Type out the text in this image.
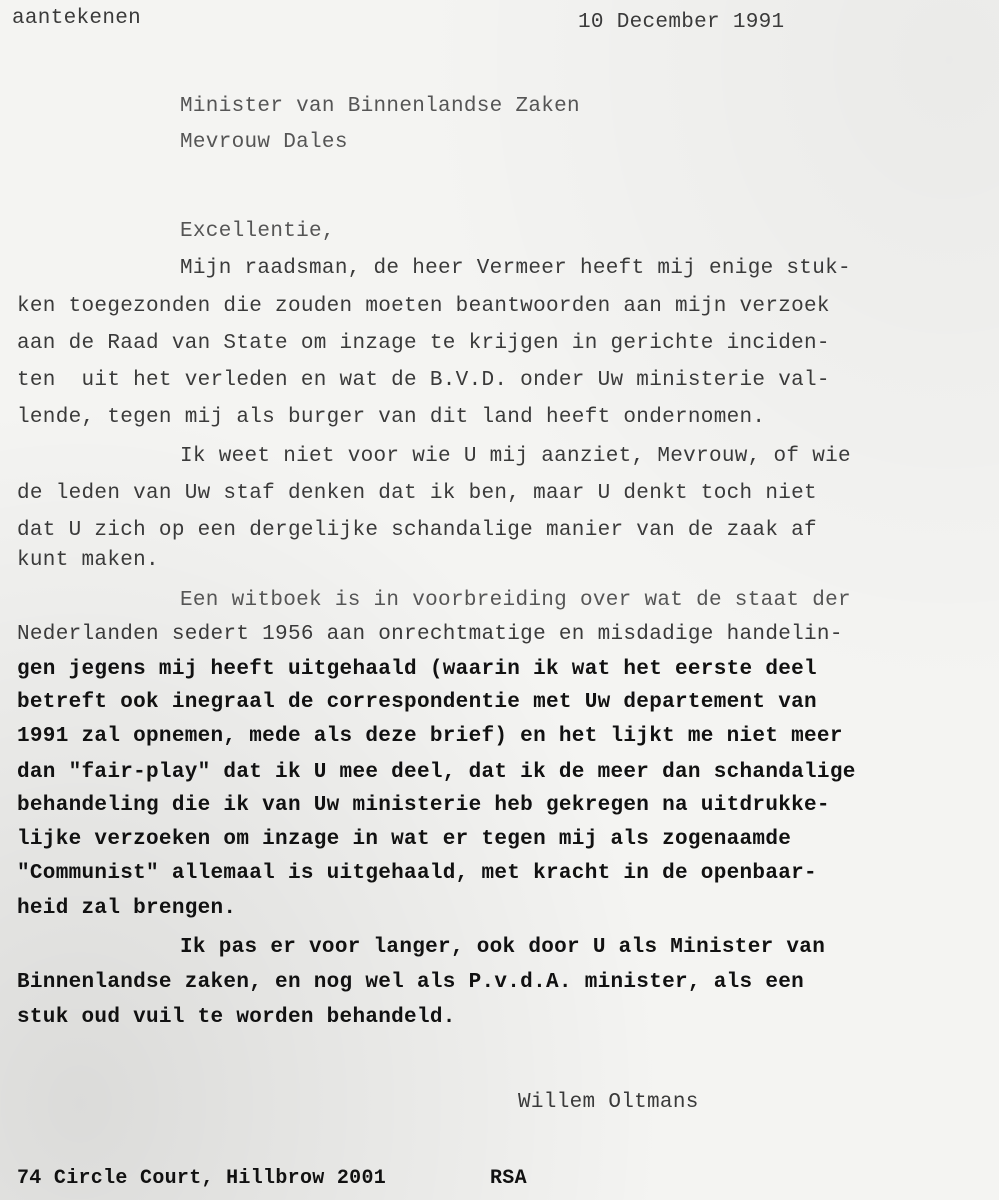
aantekenen	10 December 1991
Minister van Binnenlandse Zaken
Mevrouw Dales
Excellentie,
Mijn raadsman, de heer Vermeer heeft mij enige stuk-
ken toegezonden die zouden moeten beantwoorden aan mijn verzoek
aan de Raad van State om inzage te krijgen in gerichte inciden-
ten  uit het verleden en wat de B.V.D. onder Uw ministerie val-
lende, tegen mij als burger van dit land heeft ondernomen.
Ik weet niet voor wie U mij aanziet, Mevrouw, of wie
de leden van Uw staf denken dat ik ben, maar U denkt toch niet
dat U zich op een dergelijke schandalige manier van de zaak af
kunt maken.
Een witboek is in voorbreiding over wat de staat der
Nederlanden sedert 1956 aan onrechtmatige en misdadige handelin-
gen jegens mij heeft uitgehaald (waarin ik wat het eerste deel
betreft ook inegraal de correspondentie met Uw departement van
1991 zal opnemen, mede als deze brief) en het lijkt me niet meer
dan "fair-play" dat ik U mee deel, dat ik de meer dan schandalige
behandeling die ik van Uw ministerie heb gekregen na uitdrukke-
lijke verzoeken om inzage in wat er tegen mij als zogenaamde
"Communist" allemaal is uitgehaald, met kracht in de openbaar-
heid zal brengen.
Ik pas er voor langer, ook door U als Minister van
Binnenlandse zaken, en nog wel als P.v.d.A. minister, als een
stuk oud vuil te worden behandeld.
Willem Oltmans
74 Circle Court, Hillbrow 2001	RSA
